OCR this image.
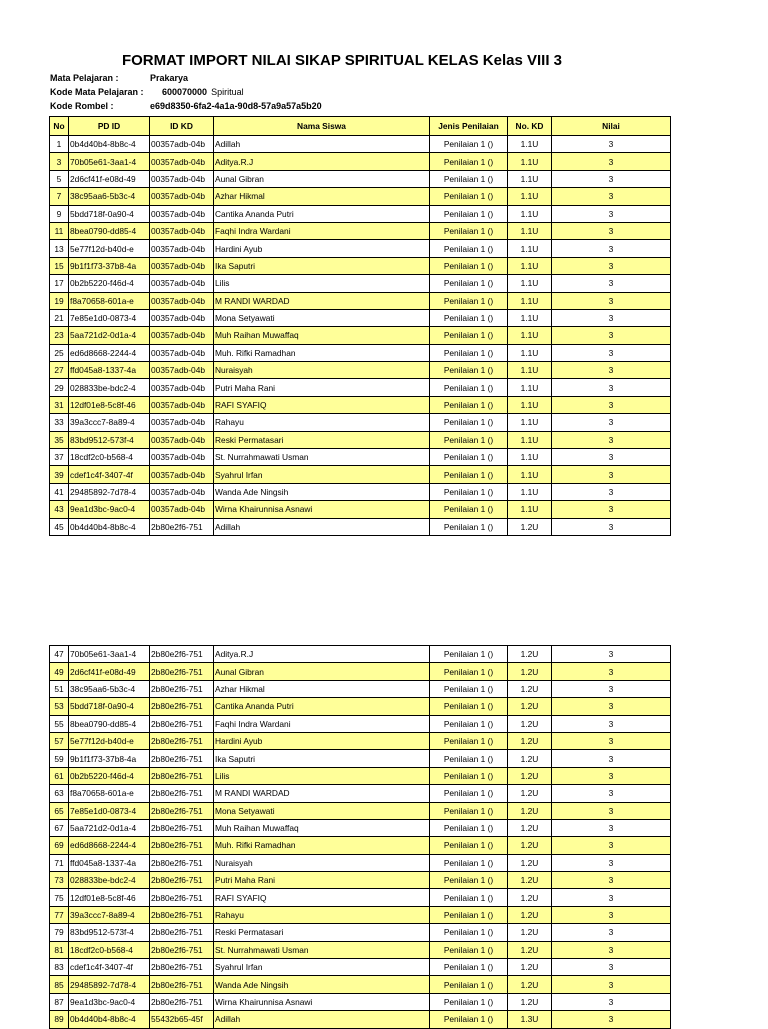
FORMAT IMPORT NILAI SIKAP SPIRITUAL KELAS Kelas VIII 3
Mata Pelajaran :	Prakarya
Kode Mata Pelajaran : 600070000 Spiritual
Kode Rombel :	e69d8350-6fa2-4a1a-90d8-57a9a57a5b20
No	PD ID	ID KD	Nama Siswa	Jenis Penilaian	No. KD	Nilai
1	0b4d40b4-8b8c-4	00357adb-04b	Adillah	Penilaian 1 ()	1.1U	3
3	70b05e61-3aa1-4	00357adb-04b	Aditya.R.J	Penilaian 1 ()	1.1U	3
5	2d6cf41f-e08d-49	00357adb-04b	Aunal Gibran	Penilaian 1 ()	1.1U	3
7	38c95aa6-5b3c-4	00357adb-04b	Azhar Hikmal	Penilaian 1 ()	1.1U	3
9	5bdd718f-0a90-4	00357adb-04b	Cantika Ananda Putri	Penilaian 1 ()	1.1U	3
11	8bea0790-dd85-4	00357adb-04b	Faqhi Indra Wardani	Penilaian 1 ()	1.1U	3
13	5e77f12d-b40d-e	00357adb-04b	Hardini Ayub	Penilaian 1 ()	1.1U	3
15	9b1f1f73-37b8-4a	00357adb-04b	Ika Saputri	Penilaian 1 ()	1.1U	3
17	0b2b5220-f46d-4	00357adb-04b	Lilis	Penilaian 1 ()	1.1U	3
19	f8a70658-601a-e	00357adb-04b	M RANDI WARDAD	Penilaian 1 ()	1.1U	3
21	7e85e1d0-0873-4	00357adb-04b	Mona Setyawati	Penilaian 1 ()	1.1U	3
23	5aa721d2-0d1a-4	00357adb-04b	Muh Raihan Muwaffaq	Penilaian 1 ()	1.1U	3
25	ed6d8668-2244-4	00357adb-04b	Muh. Rifki Ramadhan	Penilaian 1 ()	1.1U	3
27	ffd045a8-1337-4a	00357adb-04b	Nuraisyah	Penilaian 1 ()	1.1U	3
29	028833be-bdc2-4	00357adb-04b	Putri Maha Rani	Penilaian 1 ()	1.1U	3
31	12df01e8-5c8f-46	00357adb-04b	RAFI SYAFIQ	Penilaian 1 ()	1.1U	3
33	39a3ccc7-8a89-4	00357adb-04b	Rahayu	Penilaian 1 ()	1.1U	3
35	83bd9512-573f-4	00357adb-04b	Reski Permatasari	Penilaian 1 ()	1.1U	3
37	18cdf2c0-b568-4	00357adb-04b	St. Nurrahmawati Usman	Penilaian 1 ()	1.1U	3
39	cdef1c4f-3407-4f	00357adb-04b	Syahrul Irfan	Penilaian 1 ()	1.1U	3
41	29485892-7d78-4	00357adb-04b	Wanda Ade Ningsih	Penilaian 1 ()	1.1U	3
43	9ea1d3bc-9ac0-4	00357adb-04b	Wirna Khairunnisa Asnawi	Penilaian 1 ()	1.1U	3
45	0b4d40b4-8b8c-4	2b80e2f6-751	Adillah	Penilaian 1 ()	1.2U	3
47	70b05e61-3aa1-4	2b80e2f6-751	Aditya.R.J	Penilaian 1 ()	1.2U	3
49	2d6cf41f-e08d-49	2b80e2f6-751	Aunal Gibran	Penilaian 1 ()	1.2U	3
51	38c95aa6-5b3c-4	2b80e2f6-751	Azhar Hikmal	Penilaian 1 ()	1.2U	3
53	5bdd718f-0a90-4	2b80e2f6-751	Cantika Ananda Putri	Penilaian 1 ()	1.2U	3
55	8bea0790-dd85-4	2b80e2f6-751	Faqhi Indra Wardani	Penilaian 1 ()	1.2U	3
57	5e77f12d-b40d-e	2b80e2f6-751	Hardini Ayub	Penilaian 1 ()	1.2U	3
59	9b1f1f73-37b8-4a	2b80e2f6-751	Ika Saputri	Penilaian 1 ()	1.2U	3
61	0b2b5220-f46d-4	2b80e2f6-751	Lilis	Penilaian 1 ()	1.2U	3
63	f8a70658-601a-e	2b80e2f6-751	M RANDI WARDAD	Penilaian 1 ()	1.2U	3
65	7e85e1d0-0873-4	2b80e2f6-751	Mona Setyawati	Penilaian 1 ()	1.2U	3
67	5aa721d2-0d1a-4	2b80e2f6-751	Muh Raihan Muwaffaq	Penilaian 1 ()	1.2U	3
69	ed6d8668-2244-4	2b80e2f6-751	Muh. Rifki Ramadhan	Penilaian 1 ()	1.2U	3
71	ffd045a8-1337-4a	2b80e2f6-751	Nuraisyah	Penilaian 1 ()	1.2U	3
73	028833be-bdc2-4	2b80e2f6-751	Putri Maha Rani	Penilaian 1 ()	1.2U	3
75	12df01e8-5c8f-46	2b80e2f6-751	RAFI SYAFIQ	Penilaian 1 ()	1.2U	3
77	39a3ccc7-8a89-4	2b80e2f6-751	Rahayu	Penilaian 1 ()	1.2U	3
79	83bd9512-573f-4	2b80e2f6-751	Reski Permatasari	Penilaian 1 ()	1.2U	3
81	18cdf2c0-b568-4	2b80e2f6-751	St. Nurrahmawati Usman	Penilaian 1 ()	1.2U	3
83	cdef1c4f-3407-4f	2b80e2f6-751	Syahrul Irfan	Penilaian 1 ()	1.2U	3
85	29485892-7d78-4	2b80e2f6-751	Wanda Ade Ningsih	Penilaian 1 ()	1.2U	3
87	9ea1d3bc-9ac0-4	2b80e2f6-751	Wirna Khairunnisa Asnawi	Penilaian 1 ()	1.2U	3
89	0b4d40b4-8b8c-4	55432b65-45f	Adillah	Penilaian 1 ()	1.3U	3
